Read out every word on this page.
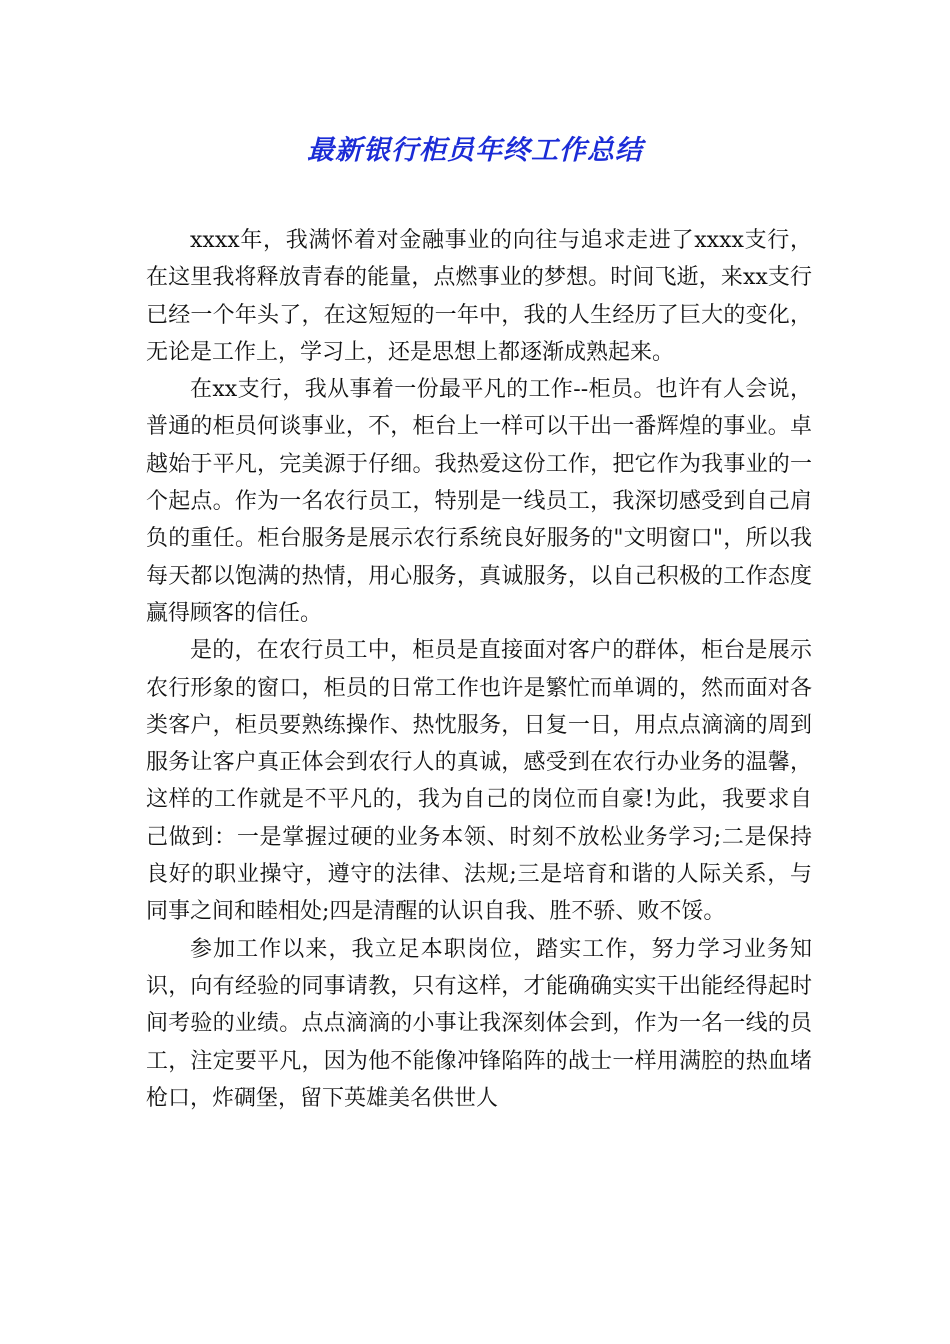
最新银行柜员年终工作总结

xxxx年，我满怀着对金融事业的向往与追求走进了xxxx支行，在这里我将释放青春的能量，点燃事业的梦想。时间飞逝，来xx支行已经一个年头了，在这短短的一年中，我的人生经历了巨大的变化，无论是工作上，学习上，还是思想上都逐渐成熟起来。

在xx支行，我从事着一份最平凡的工作--柜员。也许有人会说，普通的柜员何谈事业，不，柜台上一样可以干出一番辉煌的事业。卓越始于平凡，完美源于仔细。我热爱这份工作，把它作为我事业的一个起点。作为一名农行员工，特别是一线员工，我深切感受到自己肩负的重任。柜台服务是展示农行系统良好服务的"文明窗口"，所以我每天都以饱满的热情，用心服务，真诚服务，以自己积极的工作态度赢得顾客的信任。

是的，在农行员工中，柜员是直接面对客户的群体，柜台是展示农行形象的窗口，柜员的日常工作也许是繁忙而单调的，然而面对各类客户，柜员要熟练操作、热忱服务，日复一日，用点点滴滴的周到服务让客户真正体会到农行人的真诚，感受到在农行办业务的温馨，这样的工作就是不平凡的，我为自己的岗位而自豪!为此，我要求自己做到：一是掌握过硬的业务本领、时刻不放松业务学习;二是保持良好的职业操守，遵守的法律、法规;三是培育和谐的人际关系，与同事之间和睦相处;四是清醒的认识自我、胜不骄、败不馁。

参加工作以来，我立足本职岗位，踏实工作，努力学习业务知识，向有经验的同事请教，只有这样，才能确确实实干出能经得起时间考验的业绩。点点滴滴的小事让我深刻体会到，作为一名一线的员工，注定要平凡，因为他不能像冲锋陷阵的战士一样用满腔的热血堵枪口，炸碉堡，留下英雄美名供世人
